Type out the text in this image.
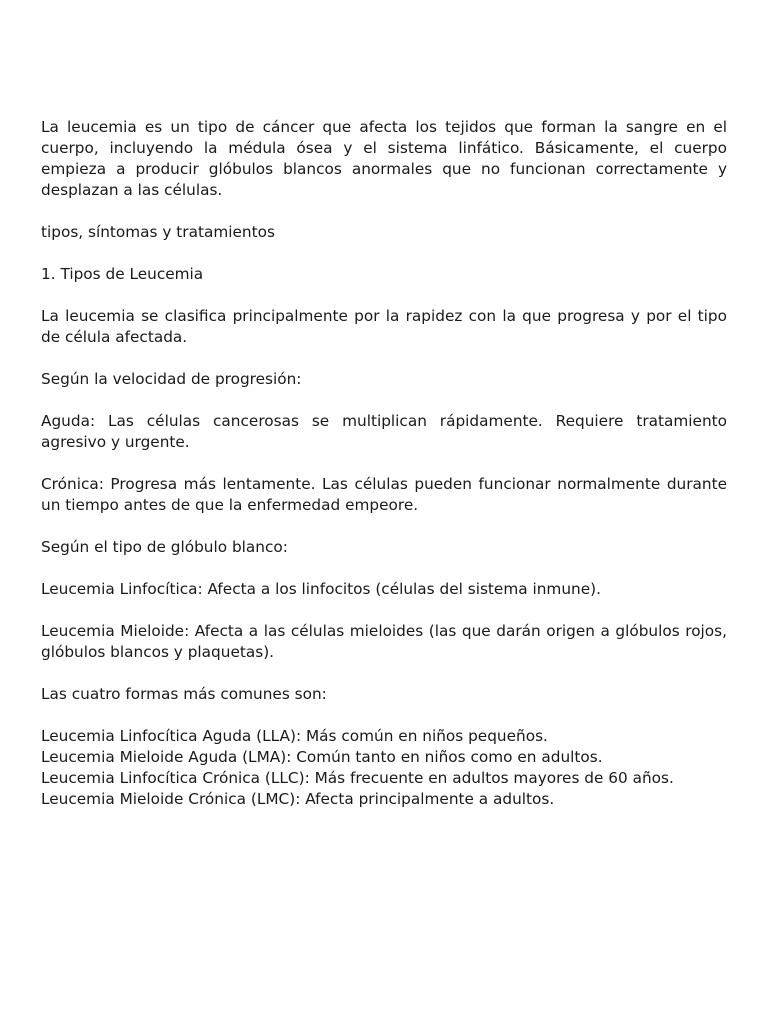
La leucemia es un tipo de cáncer que afecta los tejidos que forman la sangre en el cuerpo, incluyendo la médula ósea y el sistema linfático. Básicamente, el cuerpo empieza a producir glóbulos blancos anormales que no funcionan correctamente y desplazan a las células.

tipos, síntomas y tratamientos

1. Tipos de Leucemia

La leucemia se clasifica principalmente por la rapidez con la que progresa y por el tipo de célula afectada.

Según la velocidad de progresión:

Aguda: Las células cancerosas se multiplican rápidamente. Requiere tratamiento agresivo y urgente.

Crónica: Progresa más lentamente. Las células pueden funcionar normalmente durante un tiempo antes de que la enfermedad empeore.

Según el tipo de glóbulo blanco:

Leucemia Linfocítica: Afecta a los linfocitos (células del sistema inmune).

Leucemia Mieloide: Afecta a las células mieloides (las que darán origen a glóbulos rojos, glóbulos blancos y plaquetas).

Las cuatro formas más comunes son:

Leucemia Linfocítica Aguda (LLA): Más común en niños pequeños.
Leucemia Mieloide Aguda (LMA): Común tanto en niños como en adultos.
Leucemia Linfocítica Crónica (LLC): Más frecuente en adultos mayores de 60 años.
Leucemia Mieloide Crónica (LMC): Afecta principalmente a adultos.
